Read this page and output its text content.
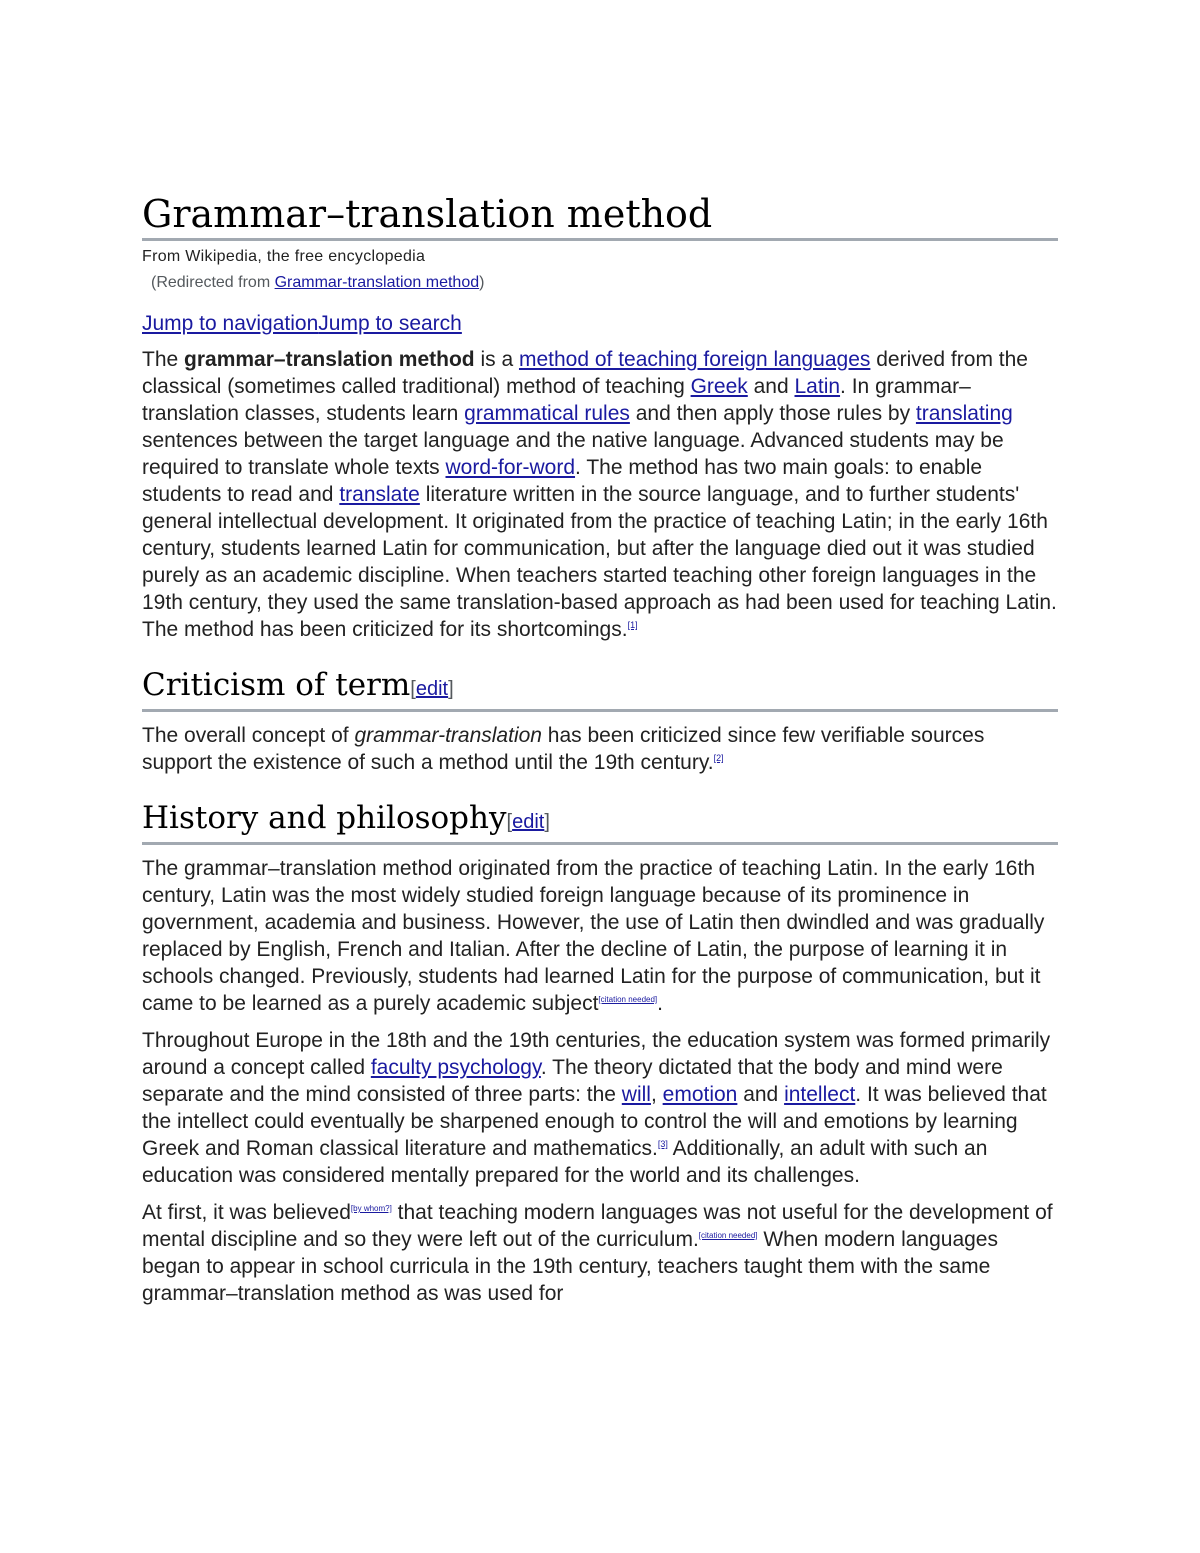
Grammar–translation method
From Wikipedia, the free encyclopedia
(Redirected from Grammar-translation method)
Jump to navigationJump to search

The grammar–translation method is a method of teaching foreign languages derived from the classical (sometimes called traditional) method of teaching Greek and Latin. In grammar–translation classes, students learn grammatical rules and then apply those rules by translating sentences between the target language and the native language. Advanced students may be required to translate whole texts word-for-word. The method has two main goals: to enable students to read and translate literature written in the source language, and to further students' general intellectual development. It originated from the practice of teaching Latin; in the early 16th century, students learned Latin for communication, but after the language died out it was studied purely as an academic discipline. When teachers started teaching other foreign languages in the 19th century, they used the same translation-based approach as had been used for teaching Latin. The method has been criticized for its shortcomings.[1]

Criticism of term[edit]

The overall concept of grammar-translation has been criticized since few verifiable sources support the existence of such a method until the 19th century.[2]

History and philosophy[edit]

The grammar–translation method originated from the practice of teaching Latin. In the early 16th century, Latin was the most widely studied foreign language because of its prominence in government, academia and business. However, the use of Latin then dwindled and was gradually replaced by English, French and Italian. After the decline of Latin, the purpose of learning it in schools changed. Previously, students had learned Latin for the purpose of communication, but it came to be learned as a purely academic subject[citation needed].

Throughout Europe in the 18th and the 19th centuries, the education system was formed primarily around a concept called faculty psychology. The theory dictated that the body and mind were separate and the mind consisted of three parts: the will, emotion and intellect. It was believed that the intellect could eventually be sharpened enough to control the will and emotions by learning Greek and Roman classical literature and mathematics.[3] Additionally, an adult with such an education was considered mentally prepared for the world and its challenges.

At first, it was believed[by whom?] that teaching modern languages was not useful for the development of mental discipline and so they were left out of the curriculum.[citation needed] When modern languages began to appear in school curricula in the 19th century, teachers taught them with the same grammar–translation method as was used for
